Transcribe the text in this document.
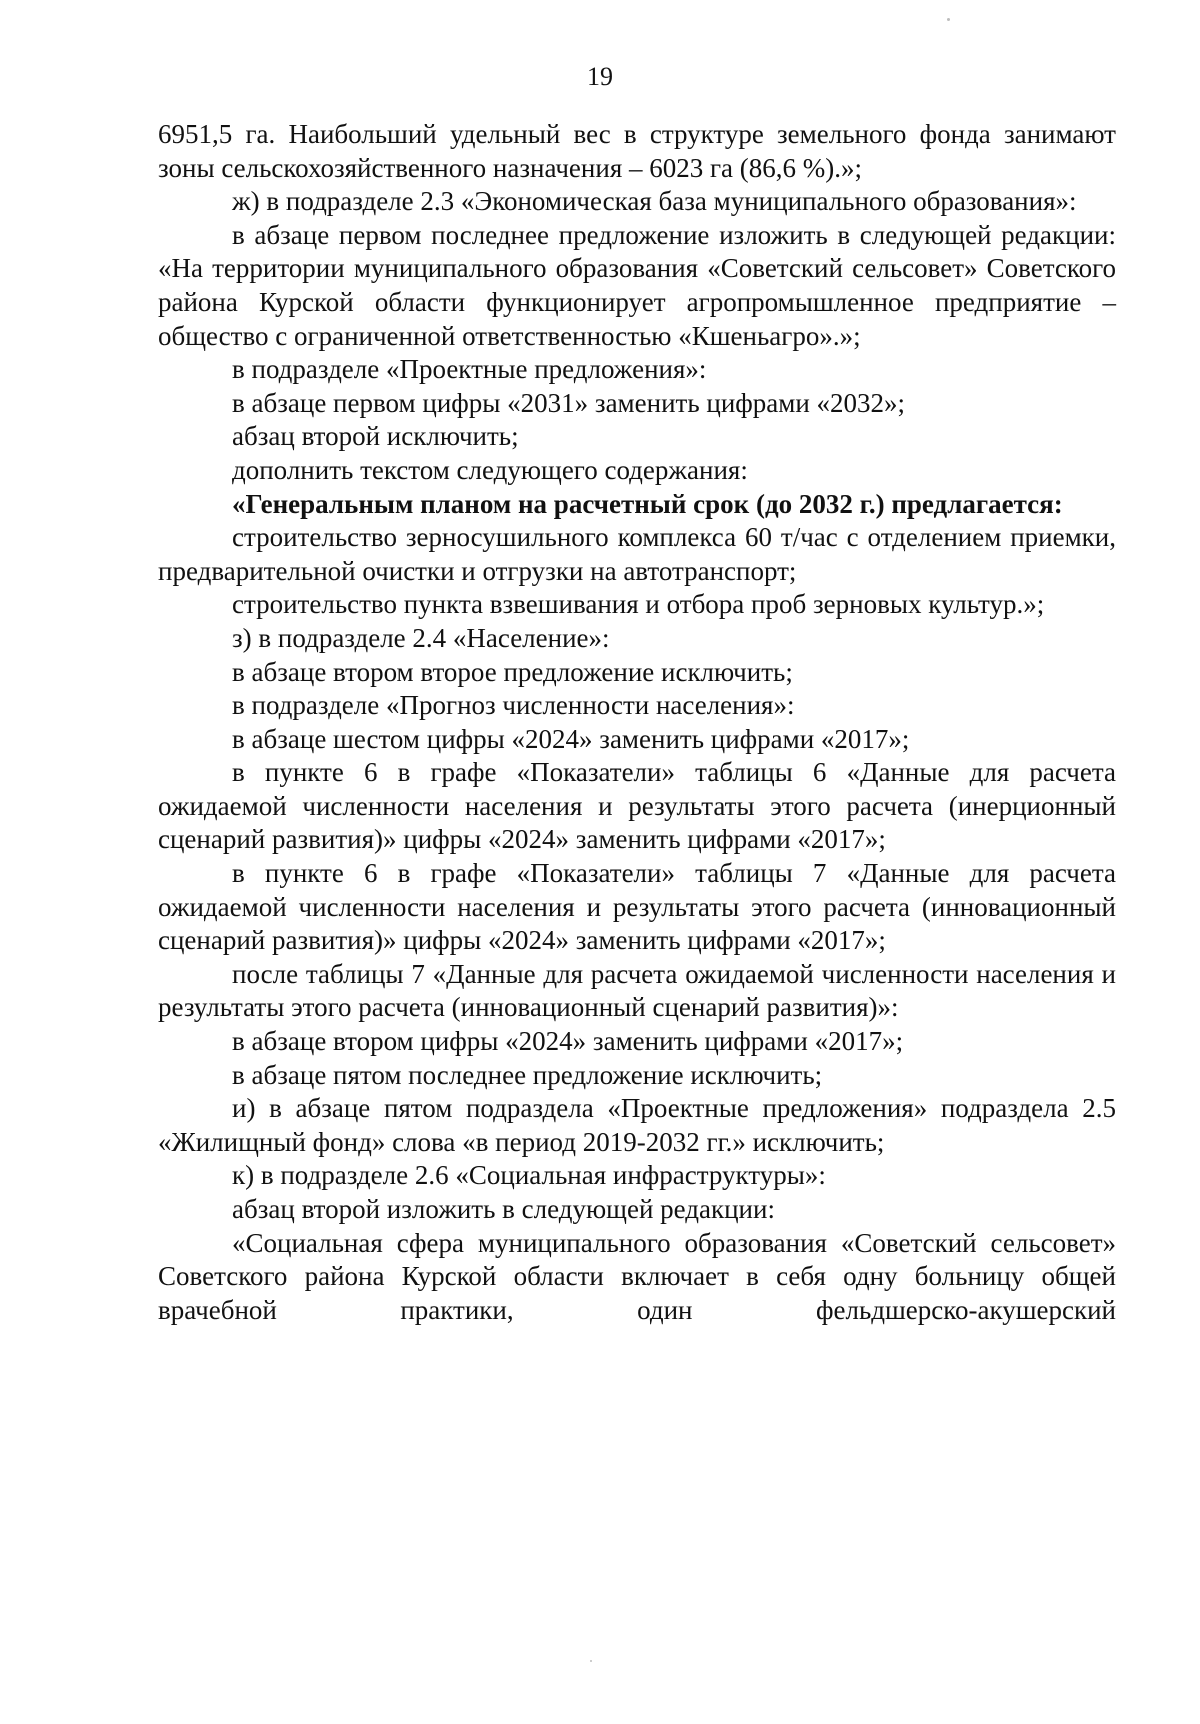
19

6951,5 га. Наибольший удельный вес в структуре земельного фонда занимают зоны сельскохозяйственного назначения – 6023 га (86,6 %).»;

ж) в подразделе 2.3 «Экономическая база муниципального образования»:

в абзаце первом последнее предложение изложить в следующей редакции: «На территории муниципального образования «Советский сельсовет» Советского района Курской области функционирует агропромышленное предприятие – общество с ограниченной ответственностью «Кшеньагро».»;

в подразделе «Проектные предложения»:

в абзаце первом цифры «2031» заменить цифрами «2032»;

абзац второй исключить;

дополнить текстом следующего содержания:

«Генеральным планом на расчетный срок (до 2032 г.) предлагается:

строительство зерносушильного комплекса 60 т/час с отделением приемки, предварительной очистки и отгрузки на автотранспорт;

строительство пункта взвешивания и отбора проб зерновых культур.»;

з) в подразделе 2.4 «Население»:

в абзаце втором второе предложение исключить;

в подразделе «Прогноз численности населения»:

в абзаце шестом цифры «2024» заменить цифрами «2017»;

в пункте 6 в графе «Показатели» таблицы 6 «Данные для расчета ожидаемой численности населения и результаты этого расчета (инерционный сценарий развития)» цифры «2024» заменить цифрами «2017»;

в пункте 6 в графе «Показатели» таблицы 7 «Данные для расчета ожидаемой численности населения и результаты этого расчета (инновационный сценарий развития)» цифры «2024» заменить цифрами «2017»;

после таблицы 7 «Данные для расчета ожидаемой численности населения и результаты этого расчета (инновационный сценарий развития)»:

в абзаце втором цифры «2024» заменить цифрами «2017»;

в абзаце пятом последнее предложение исключить;

и) в абзаце пятом подраздела «Проектные предложения» подраздела 2.5 «Жилищный фонд» слова «в период 2019-2032 гг.» исключить;

к) в подразделе 2.6 «Социальная инфраструктуры»:

абзац второй изложить в следующей редакции:

«Социальная сфера муниципального образования «Советский сельсовет» Советского района Курской области включает в себя одну больницу общей врачебной практики, один фельдшерско-акушерский
